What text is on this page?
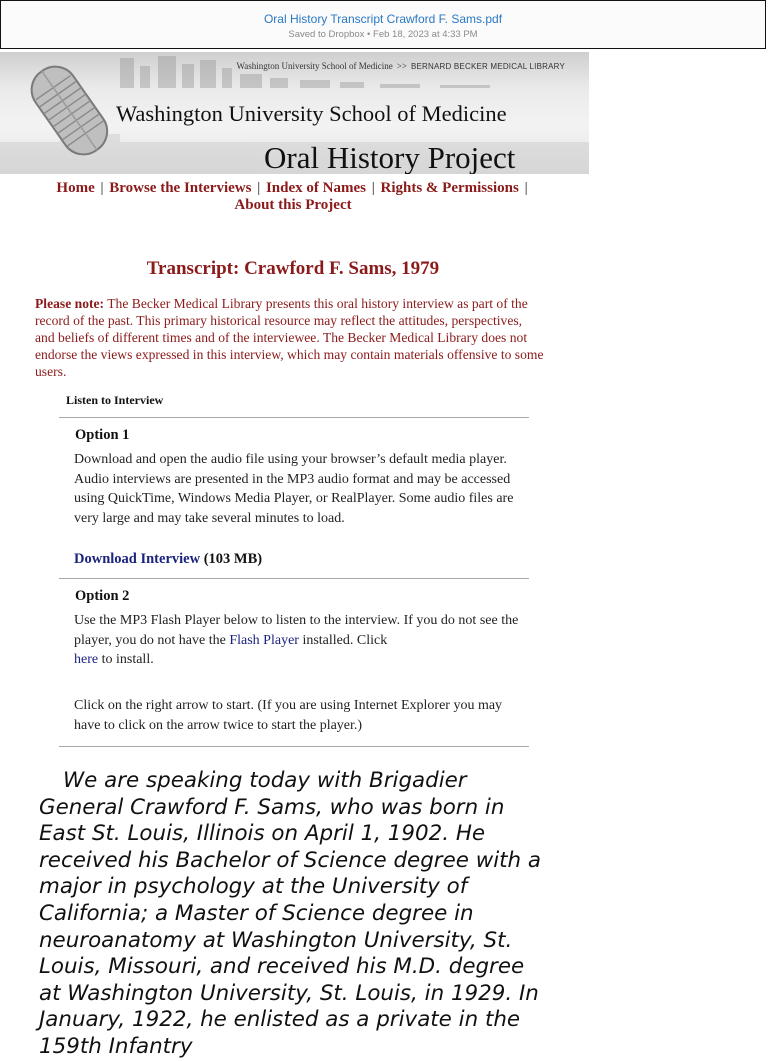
Oral History Transcript Crawford F. Sams.pdf
Saved to Dropbox • Feb 18, 2023 at 4:33 PM
Washington University School of Medicine >> BERNARD BECKER MEDICAL LIBRARY
Washington University School of Medicine
Oral History Project
Home | Browse the Interviews | Index of Names | Rights & Permissions |
About this Project
Transcript: Crawford F. Sams, 1979
Please note: The Becker Medical Library presents this oral history interview as part of the record of the past. This primary historical resource may reflect the attitudes, perspectives, and beliefs of different times and of the interviewee. The Becker Medical Library does not endorse the views expressed in this interview, which may contain materials offensive to some users.
Listen to Interview
Option 1
Download and open the audio file using your browser’s default media player. Audio interviews are presented in the MP3 audio format and may be accessed using QuickTime, Windows Media Player, or RealPlayer. Some audio files are very large and may take several minutes to load.
Download Interview (103 MB)
Option 2
Use the MP3 Flash Player below to listen to the interview. If you do not see the player, you do not have the Flash Player installed. Click
here to install.
Click on the right arrow to start. (If you are using Internet Explorer you may have to click on the arrow twice to start the player.)
We are speaking today with Brigadier General Crawford F. Sams, who was born in East St. Louis, Illinois on April 1, 1902. He received his Bachelor of Science degree with a major in psychology at the University of California; a Master of Science degree in neuroanatomy at Washington University, St. Louis, Missouri, and received his M.D. degree at Washington University, St. Louis, in 1929. In January, 1922, he enlisted as a private in the 159th Infantry
